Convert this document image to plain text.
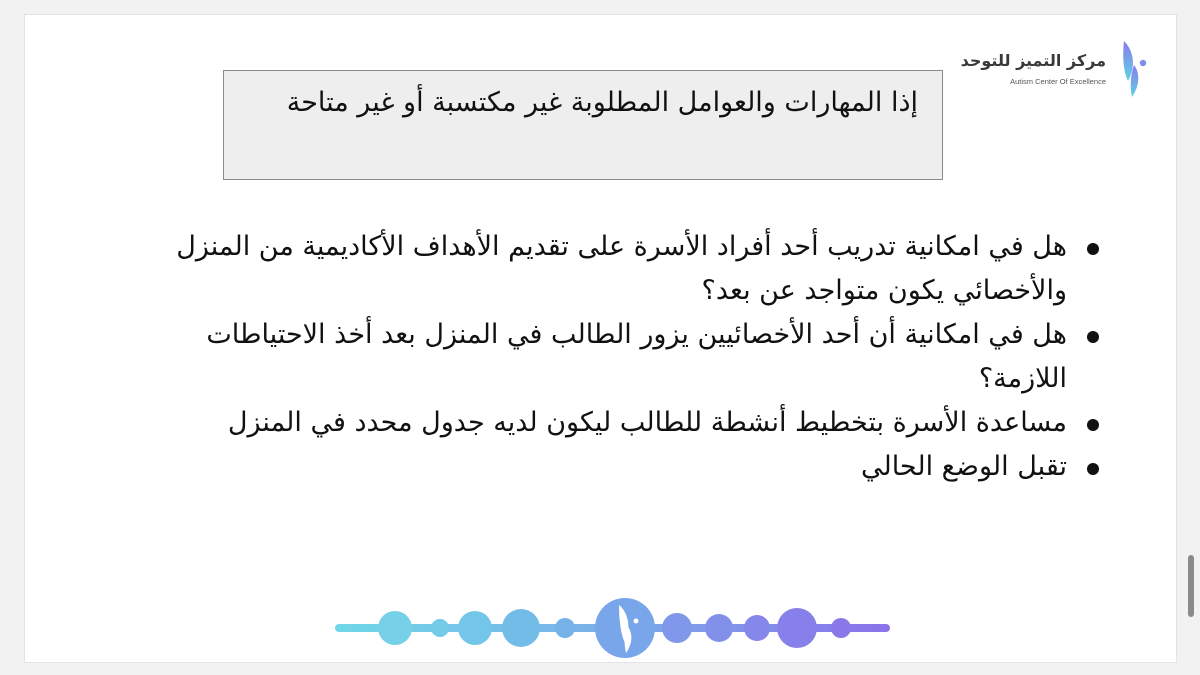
مركز التميز للتوحد
Autism Center Of Excellence
إذا المهارات والعوامل المطلوبة غير مكتسبة أو غير متاحة
هل في امكانية تدريب أحد أفراد الأسرة على تقديم الأهداف الأكاديمية من المنزل والأخصائي يكون متواجد عن بعد؟
هل في امكانية أن أحد الأخصائيين يزور الطالب في المنزل بعد أخذ الاحتياطات اللازمة؟
مساعدة الأسرة بتخطيط أنشطة للطالب ليكون لديه جدول محدد في المنزل
تقبل الوضع الحالي
